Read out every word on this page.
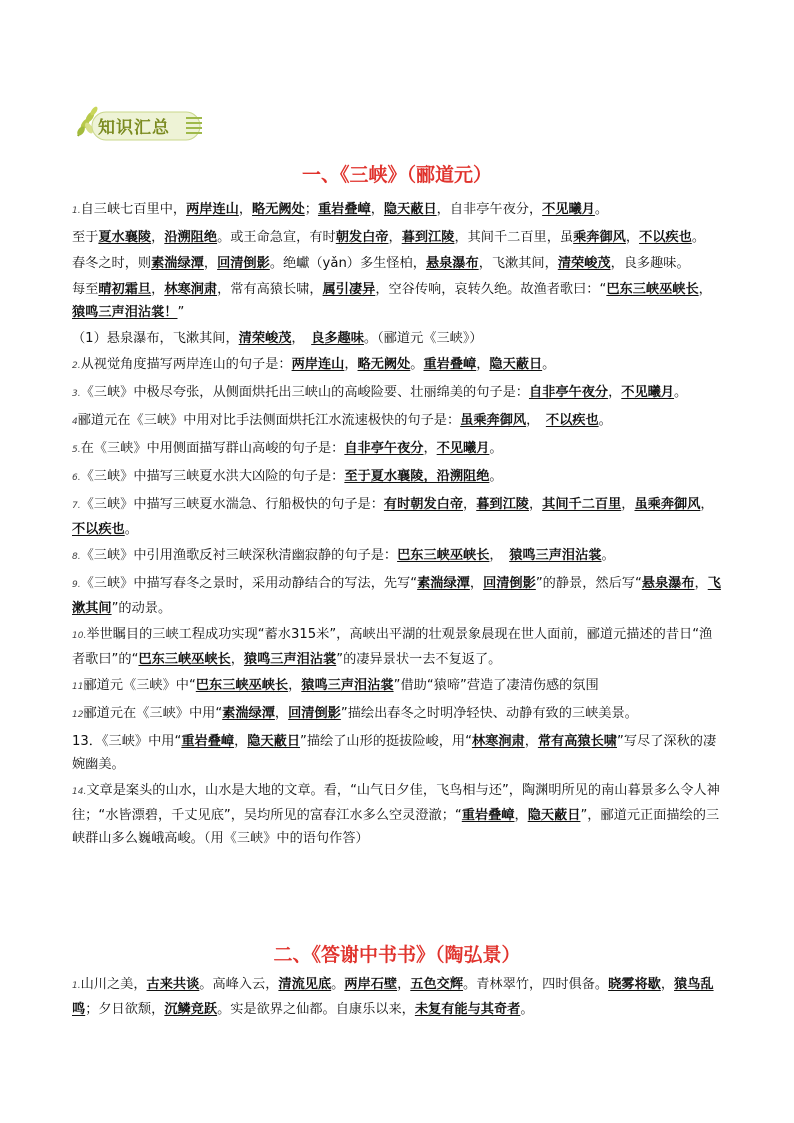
知识汇总
一、《三峡》（郦道元）

1.自三峡七百里中，两岸连山，略无阙处；重岩叠嶂，隐天蔽日，自非亭午夜分，不见曦月。

至于夏水襄陵，沿溯阻绝。或王命急宣，有时朝发白帝，暮到江陵，其间千二百里，虽乘奔御风，不以疾也。

春冬之时，则素湍绿潭，回清倒影。绝巘（yǎn）多生怪柏，悬泉瀑布，飞漱其间，清荣峻茂，良多趣味。

每至晴初霜旦，林寒涧肃，常有高猿长啸，属引凄异，空谷传响，哀转久绝。故渔者歌曰：“巴东三峡巫峡长，猿鸣三声泪沾裳！”

（1）悬泉瀑布，飞漱其间，清荣峻茂，　良多趣味。（郦道元《三峡》）

2.从视觉角度描写两岸连山的句子是：两岸连山，略无阙处。重岩叠嶂，隐天蔽日。

3.《三峡》中极尽夸张，从侧面烘托出三峡山的高峻险要、壮丽绵美的句子是：自非亭午夜分，不见曦月。

4郦道元在《三峡》中用对比手法侧面烘托江水流速极快的句子是：虽乘奔御风，　不以疾也。

5.在《三峡》中用侧面描写群山高峻的句子是：自非亭午夜分，不见曦月。

6.《三峡》中描写三峡夏水洪大凶险的句子是：至于夏水襄陵，沿溯阻绝。

7.《三峡》中描写三峡夏水湍急、行船极快的句子是：有时朝发白帝，暮到江陵，其间千二百里，虽乘奔御风，不以疾也。

8.《三峡》中引用渔歌反衬三峡深秋清幽寂静的句子是：巴东三峡巫峡长，　猿鸣三声泪沾裳。

9.《三峡》中描写春冬之景时，采用动静结合的写法，先写“素湍绿潭，回清倒影”的静景，然后写“悬泉瀑布，飞漱其间”的动景。

10.举世瞩目的三峡工程成功实现“蓄水315米”，高峡出平湖的壮观景象晨现在世人面前，郦道元描述的昔日“渔者歌曰”的“巴东三峡巫峡长，猿鸣三声泪沾裳”的凄异景状一去不复返了。

11郦道元《三峡》中“巴东三峡巫峡长，猿鸣三声泪沾裳”借助“猿啼”营造了凄清伤感的氛围

12郦道元在《三峡》中用“素湍绿潭，回清倒影”描绘出春冬之时明净轻快、动静有致的三峡美景。

13．《三峡》中用“重岩叠嶂，隐天蔽日”描绘了山形的挺拔险峻，用“林寒涧肃，常有高猿长啸”写尽了深秋的凄婉幽美。

14.文章是案头的山水，山水是大地的文章。看，“山气日夕佳，飞鸟相与还”，陶渊明所见的南山暮景多么令人神往；“水皆漂碧，千丈见底”，吴均所见的富春江水多么空灵澄澈；“重岩叠嶂，隐天蔽日”，郦道元正面描绘的三峡群山多么巍峨高峻。（用《三峡》中的语句作答）

二、《答谢中书书》（陶弘景）

1.山川之美，古来共谈。高峰入云，清流见底。两岸石壁，五色交辉。青林翠竹，四时俱备。晓雾将歇，猿鸟乱鸣；夕日欲颓，沉鳞竞跃。实是欲界之仙都。自康乐以来，未复有能与其奇者。
